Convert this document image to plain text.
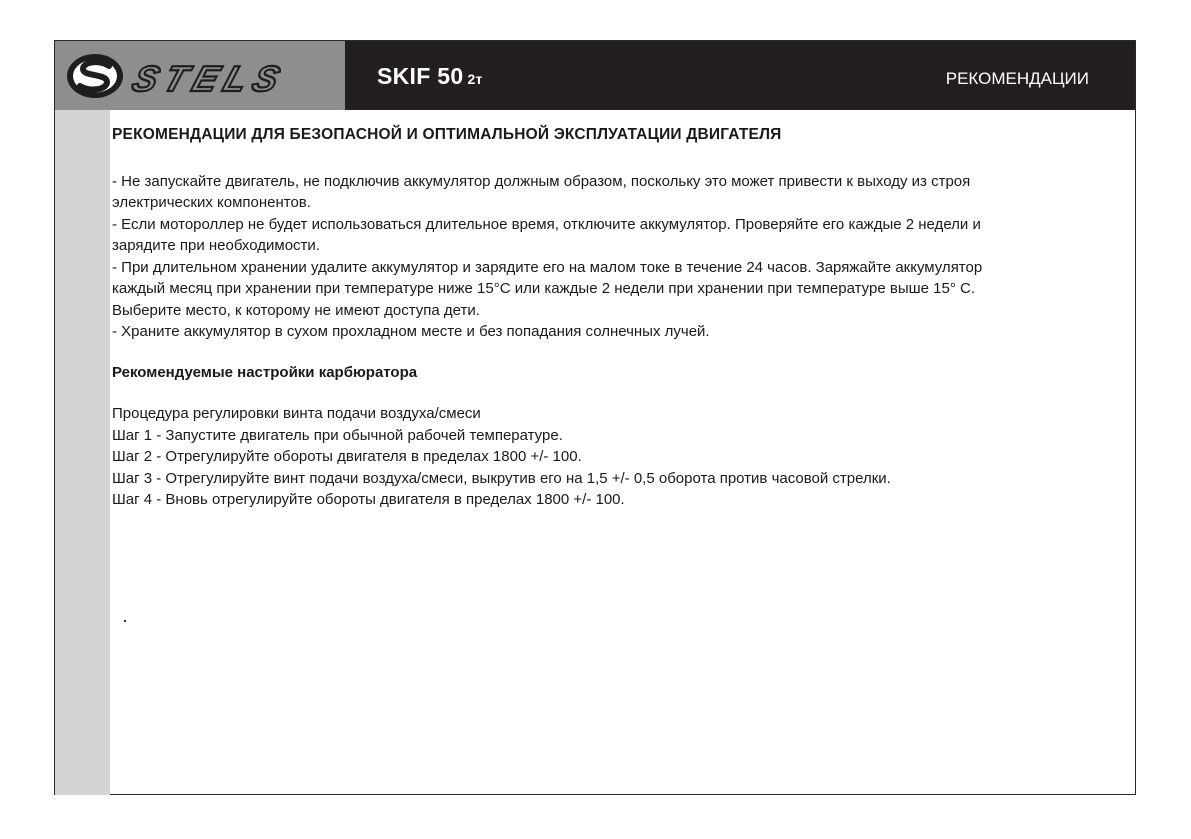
STELS	SKIF 50 2т	РЕКОМЕНДАЦИИ
РЕКОМЕНДАЦИИ ДЛЯ БЕЗОПАСНОЙ И ОПТИМАЛЬНОЙ ЭКСПЛУАТАЦИИ ДВИГАТЕЛЯ

- Не запускайте двигатель, не подключив аккумулятор должным образом, поскольку это может привести к выходу из строя электрических компонентов.

- Если мотороллер не будет использоваться длительное время, отключите аккумулятор. Проверяйте его каждые 2 недели и зарядите при необходимости.

- При длительном хранении удалите аккумулятор и зарядите его на малом токе в течение 24 часов. Заряжайте аккумулятор каждый месяц при хранении при температуре ниже 15°С или каждые 2 недели при хранении при температуре выше 15° С. Выберите место, к которому не имеют доступа дети.

- Храните аккумулятор в сухом прохладном месте и без попадания солнечных лучей.

Рекомендуемые настройки карбюратора

Процедура регулировки винта подачи воздуха/смеси

Шаг 1 - Запустите двигатель при обычной рабочей температуре.

Шаг 2 - Отрегулируйте обороты двигателя в пределах 1800 +/- 100.

Шаг 3 - Отрегулируйте винт подачи воздуха/смеси, выкрутив его на 1,5 +/- 0,5 оборота против часовой стрелки.

Шаг 4 - Вновь отрегулируйте обороты двигателя в пределах 1800 +/- 100.
